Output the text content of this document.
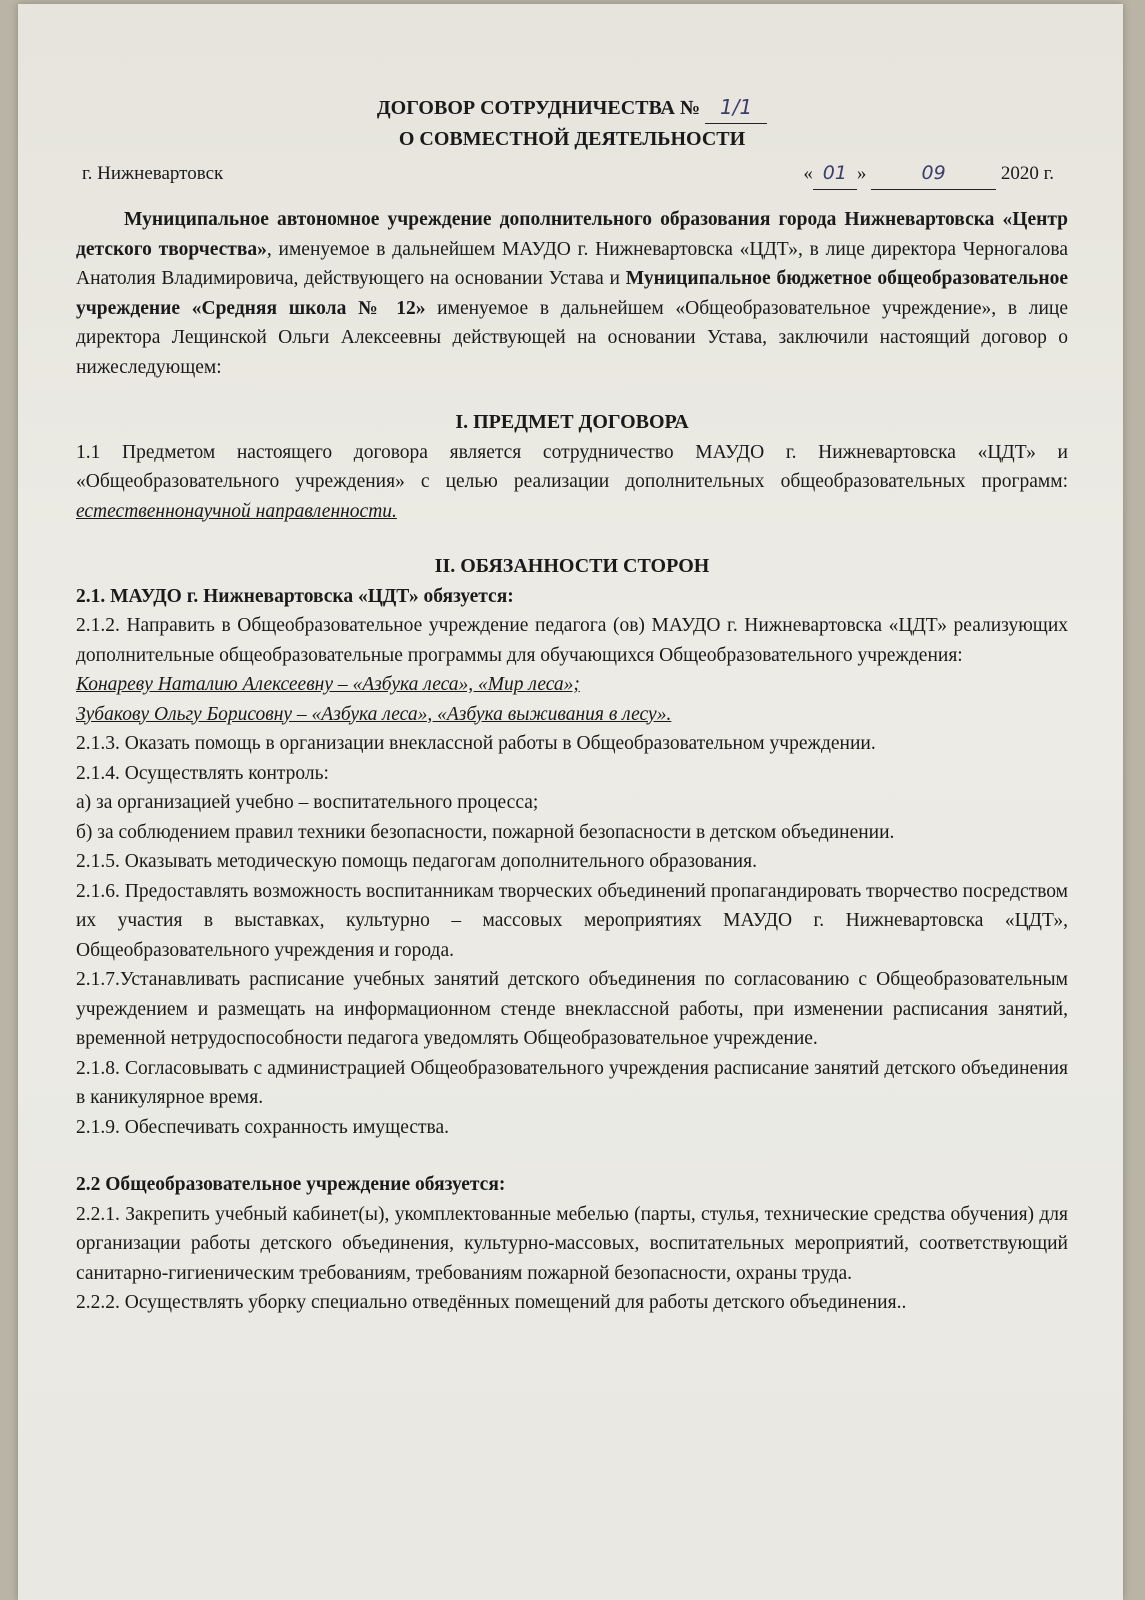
ДОГОВОР СОТРУДНИЧЕСТВА № 1/1
О СОВМЕСТНОЙ ДЕЯТЕЛЬНОСТИ
г. Нижневартовск	« 01 »	09	2020 г.

Муниципальное автономное учреждение дополнительного образования города Нижневартовска «Центр детского творчества», именуемое в дальнейшем МАУДО г. Нижневартовска «ЦДТ», в лице директора Черногалова Анатолия Владимировича, действующего на основании Устава и Муниципальное бюджетное общеобразовательное учреждение «Средняя школа № 12» именуемое в дальнейшем «Общеобразовательное учреждение», в лице директора Лещинской Ольги Алексеевны действующей на основании Устава, заключили настоящий договор о нижеследующем:

I. ПРЕДМЕТ ДОГОВОРА

1.1 Предметом настоящего договора является сотрудничество МАУДО г. Нижневартовска «ЦДТ» и «Общеобразовательного учреждения» с целью реализации дополнительных общеобразовательных программ: естественнонаучной направленности.

II. ОБЯЗАННОСТИ СТОРОН
2.1. МАУДО г. Нижневартовска «ЦДТ» обязуется:

2.1.2. Направить в Общеобразовательное учреждение педагога (ов) МАУДО г. Нижневартовска «ЦДТ» реализующих дополнительные общеобразовательные программы для обучающихся Общеобразовательного учреждения:

Конареву Наталию Алексеевну – «Азбука леса», «Мир леса»;
Зубакову Ольгу Борисовну – «Азбука леса», «Азбука выживания в лесу».

2.1.3. Оказать помощь в организации внеклассной работы в Общеобразовательном учреждении.

2.1.4. Осуществлять контроль:

а) за организацией учебно – воспитательного процесса;

б) за соблюдением правил техники безопасности, пожарной безопасности в детском объединении.

2.1.5. Оказывать методическую помощь педагогам дополнительного образования.

2.1.6. Предоставлять возможность воспитанникам творческих объединений пропагандировать творчество посредством их участия в выставках, культурно – массовых мероприятиях МАУДО г. Нижневартовска «ЦДТ», Общеобразовательного учреждения и города.

2.1.7.Устанавливать расписание учебных занятий детского объединения по согласованию с Общеобразовательным учреждением и размещать на информационном стенде внеклассной работы, при изменении расписания занятий, временной нетрудоспособности педагога уведомлять Общеобразовательное учреждение.

2.1.8. Согласовывать с администрацией Общеобразовательного учреждения расписание занятий детского объединения в каникулярное время.

2.1.9. Обеспечивать сохранность имущества.

2.2 Общеобразовательное учреждение обязуется:

2.2.1. Закрепить учебный кабинет(ы), укомплектованные мебелью (парты, стулья, технические средства обучения) для организации работы детского объединения, культурно-массовых, воспитательных мероприятий, соответствующий санитарно-гигиеническим требованиям, требованиям пожарной безопасности, охраны труда.

2.2.2. Осуществлять уборку специально отведённых помещений для работы детского объединения..
